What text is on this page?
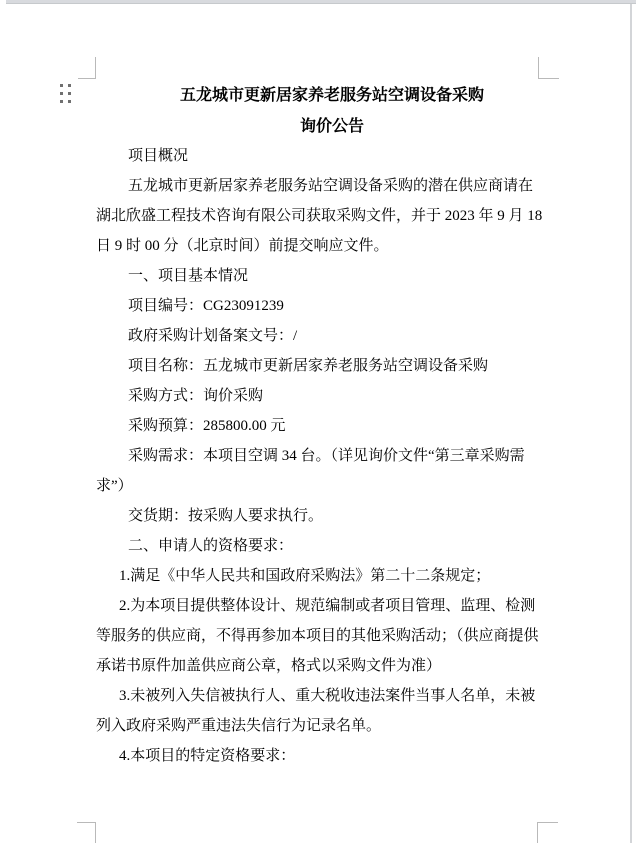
五龙城市更新居家养老服务站空调设备采购
询价公告
项目概况
五龙城市更新居家养老服务站空调设备采购的潜在供应商请在
湖北欣盛工程技术咨询有限公司获取采购文件，并于 2023 年 9 月 18
日 9 时 00 分（北京时间）前提交响应文件。
一、项目基本情况
项目编号：CG23091239
政府采购计划备案文号：/
项目名称：五龙城市更新居家养老服务站空调设备采购
采购方式：询价采购
采购预算：285800.00 元
采购需求：本项目空调 34 台。（详见询价文件“第三章采购需
求”）
交货期：按采购人要求执行。
二、申请人的资格要求：
1.满足《中华人民共和国政府采购法》第二十二条规定；
2.为本项目提供整体设计、规范编制或者项目管理、监理、检测
等服务的供应商，不得再参加本项目的其他采购活动；（供应商提供
承诺书原件加盖供应商公章，格式以采购文件为准）
3.未被列入失信被执行人、重大税收违法案件当事人名单，未被
列入政府采购严重违法失信行为记录名单。
4.本项目的特定资格要求：
